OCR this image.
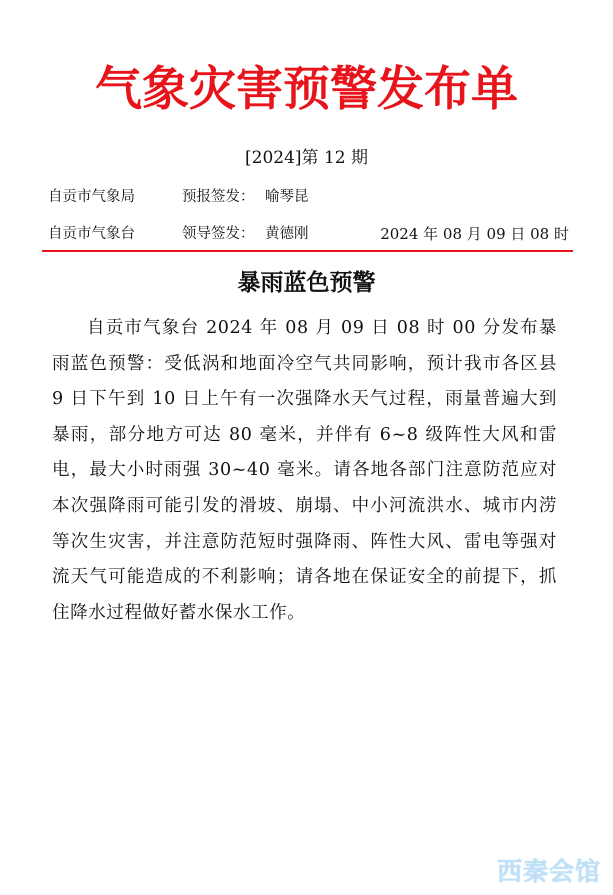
气象灾害预警发布单
[2024]第 12 期
自贡市气象局	预报签发： 喻琴昆
自贡市气象台	领导签发： 黄德刚	2024 年 08 月 09 日 08 时
暴雨蓝色预警

自贡市气象台 2024 年 08 月 09 日 08 时 00 分发布暴雨蓝色预警：受低涡和地面冷空气共同影响，预计我市各区县 9 日下午到 10 日上午有一次强降水天气过程，雨量普遍大到暴雨，部分地方可达 80 毫米，并伴有 6~8 级阵性大风和雷电，最大小时雨强 30~40 毫米。请各地各部门注意防范应对本次强降雨可能引发的滑坡、崩塌、中小河流洪水、城市内涝等次生灾害，并注意防范短时强降雨、阵性大风、雷电等强对流天气可能造成的不利影响；请各地在保证安全的前提下，抓住降水过程做好蓄水保水工作。

西秦会馆
